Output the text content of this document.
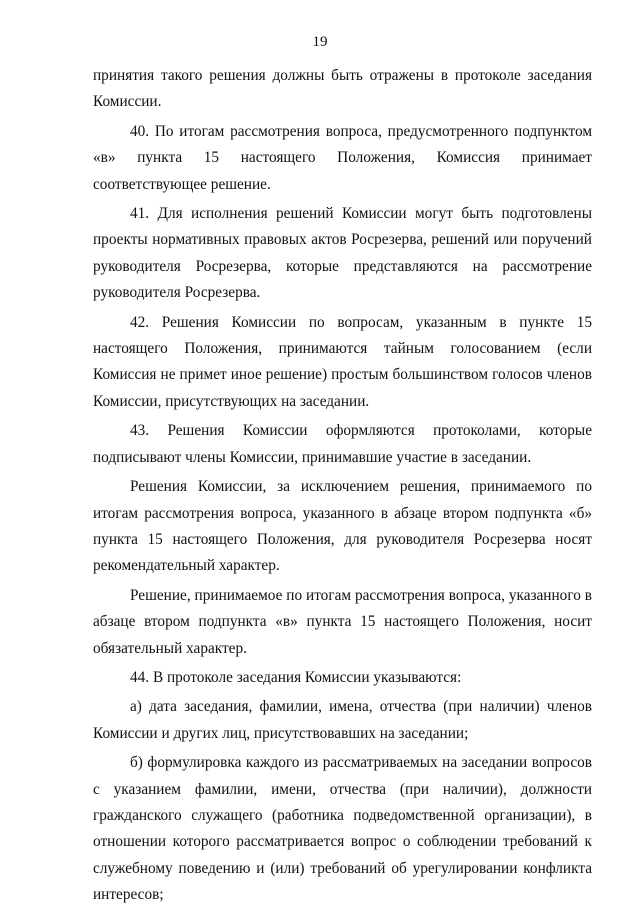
19

принятия такого решения должны быть отражены в протоколе заседания Комиссии.

40. По итогам рассмотрения вопроса, предусмотренного подпунктом «в» пункта 15 настоящего Положения, Комиссия принимает соответствующее решение.

41. Для исполнения решений Комиссии могут быть подготовлены проекты нормативных правовых актов Росрезерва, решений или поручений руководителя Росрезерва, которые представляются на рассмотрение руководителя Росрезерва.

42. Решения Комиссии по вопросам, указанным в пункте 15 настоящего Положения, принимаются тайным голосованием (если Комиссия не примет иное решение) простым большинством голосов членов Комиссии, присутствующих на заседании.

43. Решения Комиссии оформляются протоколами, которые подписывают члены Комиссии, принимавшие участие в заседании.

Решения Комиссии, за исключением решения, принимаемого по итогам рассмотрения вопроса, указанного в абзаце втором подпункта «б» пункта 15 настоящего Положения, для руководителя Росрезерва носят рекомендательный характер.

Решение, принимаемое по итогам рассмотрения вопроса, указанного в абзаце втором подпункта «в» пункта 15 настоящего Положения, носит обязательный характер.

44. В протоколе заседания Комиссии указываются:

а) дата заседания, фамилии, имена, отчества (при наличии) членов Комиссии и других лиц, присутствовавших на заседании;

б) формулировка каждого из рассматриваемых на заседании вопросов с указанием фамилии, имени, отчества (при наличии), должности гражданского служащего (работника подведомственной организации), в отношении которого рассматривается вопрос о соблюдении требований к служебному поведению и (или) требований об урегулировании конфликта интересов;
